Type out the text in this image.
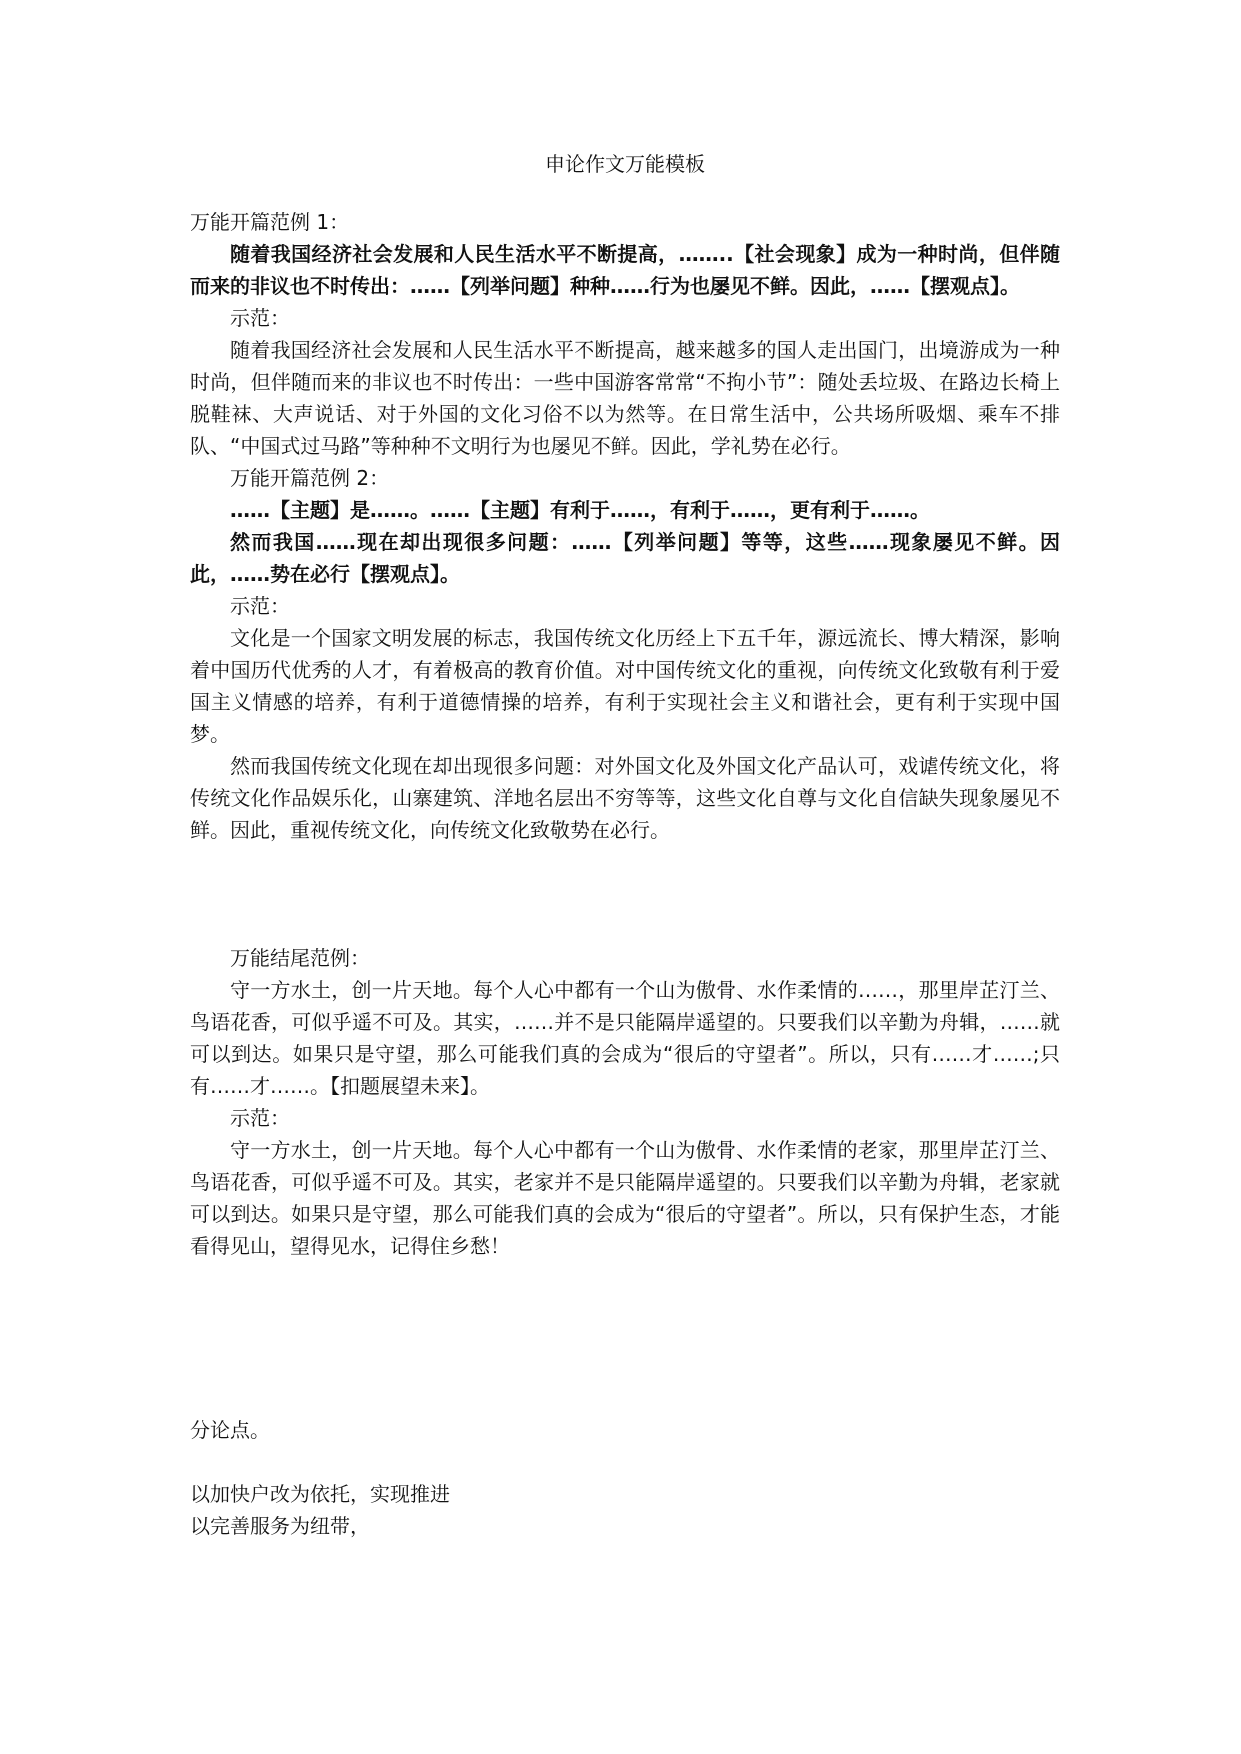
申论作文万能模板

万能开篇范例 1：

随着我国经济社会发展和人民生活水平不断提高，……..【社会现象】成为一种时尚，但伴随而来的非议也不时传出：……【列举问题】种种……行为也屡见不鲜。因此，……【摆观点】。

示范：

随着我国经济社会发展和人民生活水平不断提高，越来越多的国人走出国门，出境游成为一种时尚，但伴随而来的非议也不时传出：一些中国游客常常“不拘小节”：随处丢垃圾、在路边长椅上脱鞋袜、大声说话、对于外国的文化习俗不以为然等。在日常生活中，公共场所吸烟、乘车不排队、“中国式过马路”等种种不文明行为也屡见不鲜。因此，学礼势在必行。

万能开篇范例 2：

……【主题】是……。……【主题】有利于……，有利于……，更有利于……。

然而我国……现在却出现很多问题：……【列举问题】等等，这些……现象屡见不鲜。因此，……势在必行【摆观点】。

示范：

文化是一个国家文明发展的标志，我国传统文化历经上下五千年，源远流长、博大精深，影响着中国历代优秀的人才，有着极高的教育价值。对中国传统文化的重视，向传统文化致敬有利于爱国主义情感的培养，有利于道德情操的培养，有利于实现社会主义和谐社会，更有利于实现中国梦。

然而我国传统文化现在却出现很多问题：对外国文化及外国文化产品认可，戏谑传统文化，将传统文化作品娱乐化，山寨建筑、洋地名层出不穷等等，这些文化自尊与文化自信缺失现象屡见不鲜。因此，重视传统文化，向传统文化致敬势在必行。

万能结尾范例：

守一方水土，创一片天地。每个人心中都有一个山为傲骨、水作柔情的……，那里岸芷汀兰、鸟语花香，可似乎遥不可及。其实，……并不是只能隔岸遥望的。只要我们以辛勤为舟辑，……就可以到达。如果只是守望，那么可能我们真的会成为“很后的守望者”。所以，只有……才……;只有……才……。【扣题展望未来】。

示范：

守一方水土，创一片天地。每个人心中都有一个山为傲骨、水作柔情的老家，那里岸芷汀兰、鸟语花香，可似乎遥不可及。其实，老家并不是只能隔岸遥望的。只要我们以辛勤为舟辑，老家就可以到达。如果只是守望，那么可能我们真的会成为“很后的守望者”。所以，只有保护生态，才能看得见山，望得见水，记得住乡愁！

分论点。

以加快户改为依托，实现推进

以完善服务为纽带，
